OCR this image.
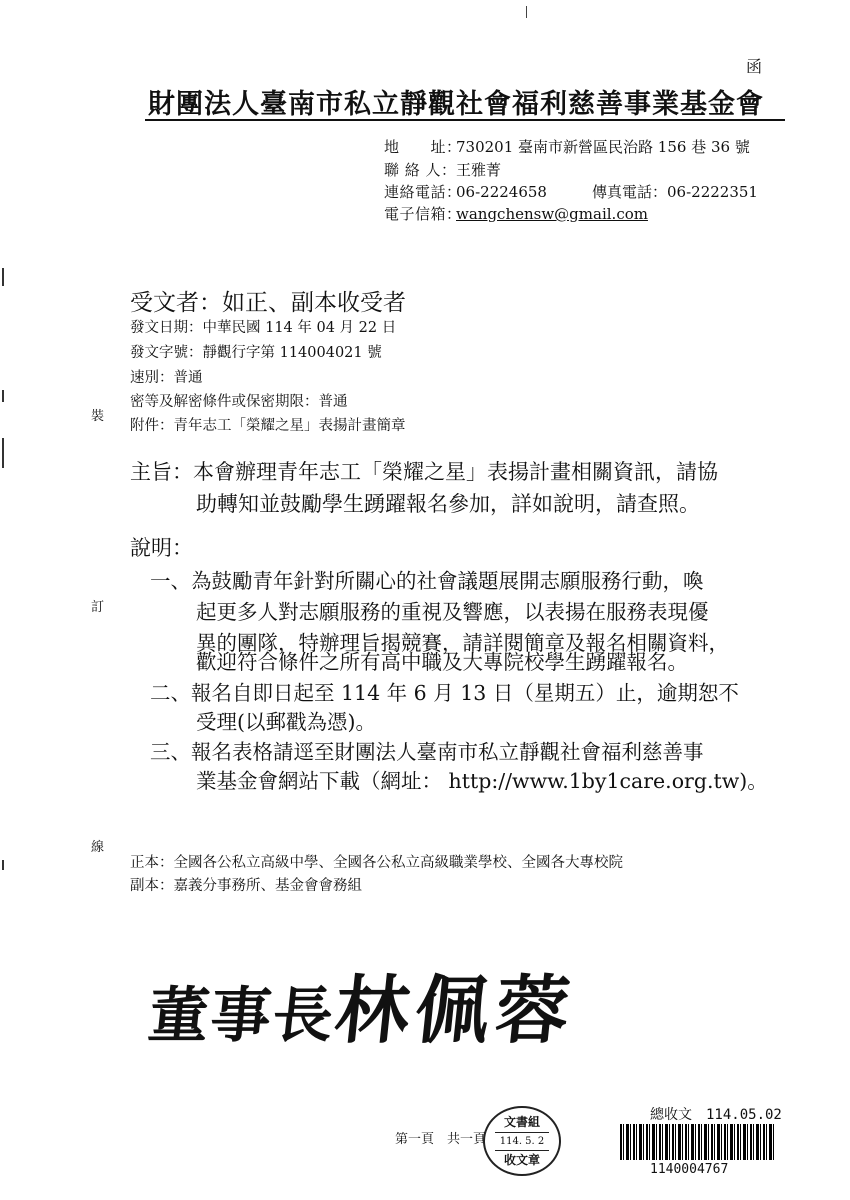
函
財團法人臺南市私立靜觀社會福利慈善事業基金會
地　　址：730201 臺南市新營區民治路 156 巷 36 號
聯 絡 人：王雅菁
連絡電話：06-2224658	傳真電話：06-2222351
電子信箱：wangchensw@gmail.com
受文者：如正、副本收受者
發文日期：中華民國 114 年 04 月 22 日
發文字號：靜觀行字第 114004021 號
速別：普通
密等及解密條件或保密期限：普通
附件：青年志工「榮耀之星」表揚計畫簡章
主旨：本會辦理青年志工「榮耀之星」表揚計畫相關資訊，請協
助轉知並鼓勵學生踴躍報名參加，詳如說明，請查照。
說明：
一、為鼓勵青年針對所關心的社會議題展開志願服務行動，喚
起更多人對志願服務的重視及響應，以表揚在服務表現優
異的團隊，特辦理旨揭競賽，請詳閱簡章及報名相關資料，
歡迎符合條件之所有高中職及大專院校學生踴躍報名。
二、報名自即日起至 114 年 6 月 13 日（星期五）止，逾期恕不
受理(以郵戳為憑)。
三、報名表格請逕至財團法人臺南市私立靜觀社會福利慈善事
業基金會網站下載（網址： http://www.1by1care.org.tw)。
正本：全國各公私立高級中學、全國各公私立高級職業學校、全國各大專校院
副本：嘉義分事務所、基金會會務組
董事長林佩蓉
裝
訂
線
第一頁　共一頁
文書組
114. 5. 2
收文章
總收文　114.05.02
1140004767
